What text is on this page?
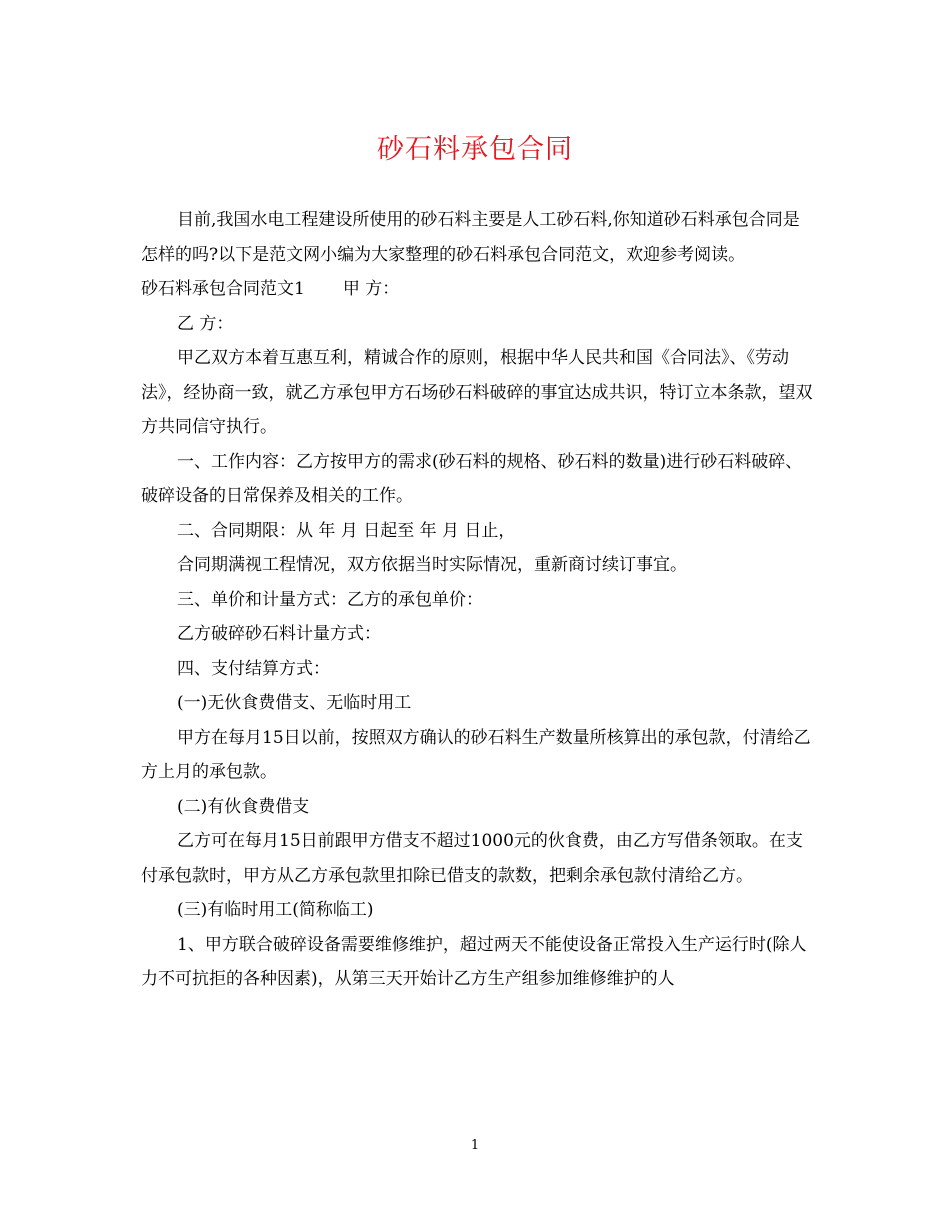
砂石料承包合同

目前,我国水电工程建设所使用的砂石料主要是人工砂石料,你知道砂石料承包合同是怎样的吗?以下是范文网小编为大家整理的砂石料承包合同范文，欢迎参考阅读。

砂石料承包合同范文1 甲 方：

乙 方：

甲乙双方本着互惠互利，精诚合作的原则，根据中华人民共和国《合同法》、《劳动法》，经协商一致，就乙方承包甲方石场砂石料破碎的事宜达成共识，特订立本条款，望双方共同信守执行。

一、工作内容：乙方按甲方的需求(砂石料的规格、砂石料的数量)进行砂石料破碎、破碎设备的日常保养及相关的工作。

二、合同期限：从 年 月 日起至 年 月 日止，

合同期满视工程情况，双方依据当时实际情况，重新商讨续订事宜。

三、单价和计量方式：乙方的承包单价：

乙方破碎砂石料计量方式：

四、支付结算方式：

(一)无伙食费借支、无临时用工

甲方在每月15日以前，按照双方确认的砂石料生产数量所核算出的承包款，付清给乙方上月的承包款。

(二)有伙食费借支

乙方可在每月15日前跟甲方借支不超过1000元的伙食费，由乙方写借条领取。在支付承包款时，甲方从乙方承包款里扣除已借支的款数，把剩余承包款付清给乙方。

(三)有临时用工(简称临工)

1、甲方联合破碎设备需要维修维护，超过两天不能使设备正常投入生产运行时(除人力不可抗拒的各种因素)，从第三天开始计乙方生产组参加维修维护的人

1
